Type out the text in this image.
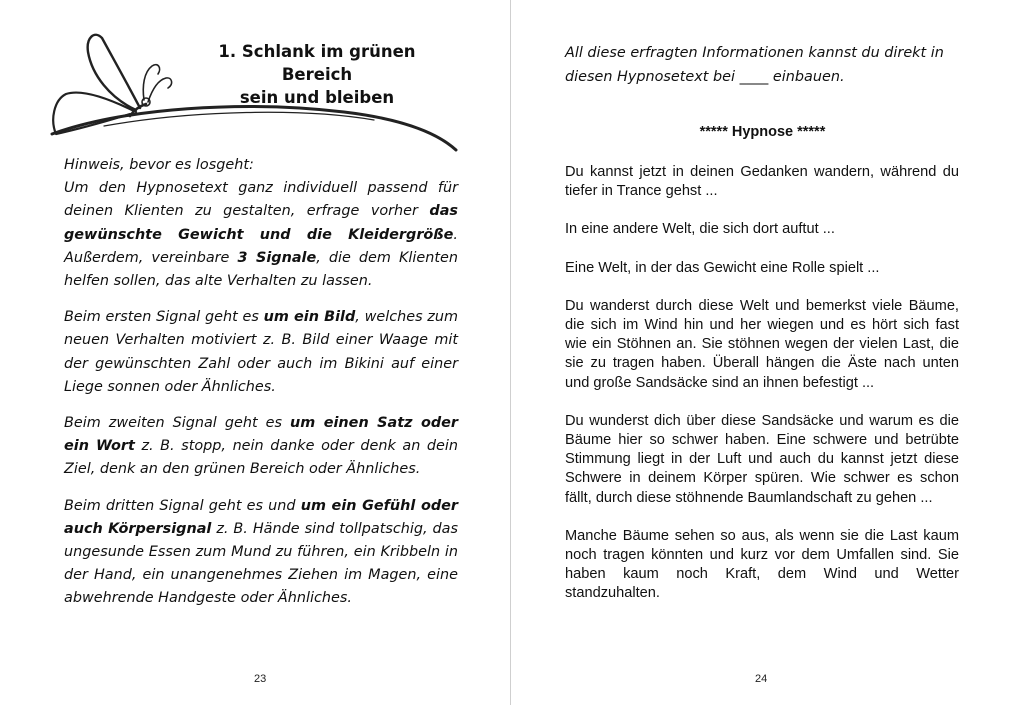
1. Schlank im grünen Bereich
sein und bleiben

Hinweis, bevor es losgeht:
Um den Hypnosetext ganz individuell passend für deinen Klienten zu gestalten, erfrage vorher das gewünschte Gewicht und die Kleidergröße. Außerdem, vereinbare 3 Signale, die dem Klienten helfen sollen, das alte Verhalten zu lassen.

Beim ersten Signal geht es um ein Bild, welches zum neuen Verhalten motiviert z. B. Bild einer Waage mit der gewünschten Zahl oder auch im Bikini auf einer Liege sonnen oder Ähnliches.

Beim zweiten Signal geht es um einen Satz oder ein Wort z. B. stopp, nein danke oder denk an dein Ziel, denk an den grünen Bereich oder Ähnliches.

Beim dritten Signal geht es und um ein Gefühl oder auch Körpersignal z. B. Hände sind tollpatschig, das ungesunde Essen zum Mund zu führen, ein Kribbeln in der Hand, ein unangenehmes Ziehen im Magen, eine abwehrende Handgeste oder Ähnliches.

23
All diese erfragten Informationen kannst du direkt in
diesen Hypnosetext bei ____ einbauen.
***** Hypnose *****

Du kannst jetzt in deinen Gedanken wandern, während du tiefer in Trance gehst ...

In eine andere Welt, die sich dort auftut ...

Eine Welt, in der das Gewicht eine Rolle spielt ...

Du wanderst durch diese Welt und bemerkst viele Bäume, die sich im Wind hin und her wiegen und es hört sich fast wie ein Stöhnen an. Sie stöhnen wegen der vielen Last, die sie zu tragen haben. Überall hängen die Äste nach unten und große Sandsäcke sind an ihnen befestigt ...

Du wunderst dich über diese Sandsäcke und warum es die Bäume hier so schwer haben. Eine schwere und betrübte Stimmung liegt in der Luft und auch du kannst jetzt diese Schwere in deinem Körper spüren. Wie schwer es schon fällt, durch diese stöhnende Baumlandschaft zu gehen ...

Manche Bäume sehen so aus, als wenn sie die Last kaum noch tragen könnten und kurz vor dem Umfallen sind. Sie haben kaum noch Kraft, dem Wind und Wetter standzuhalten.

24
